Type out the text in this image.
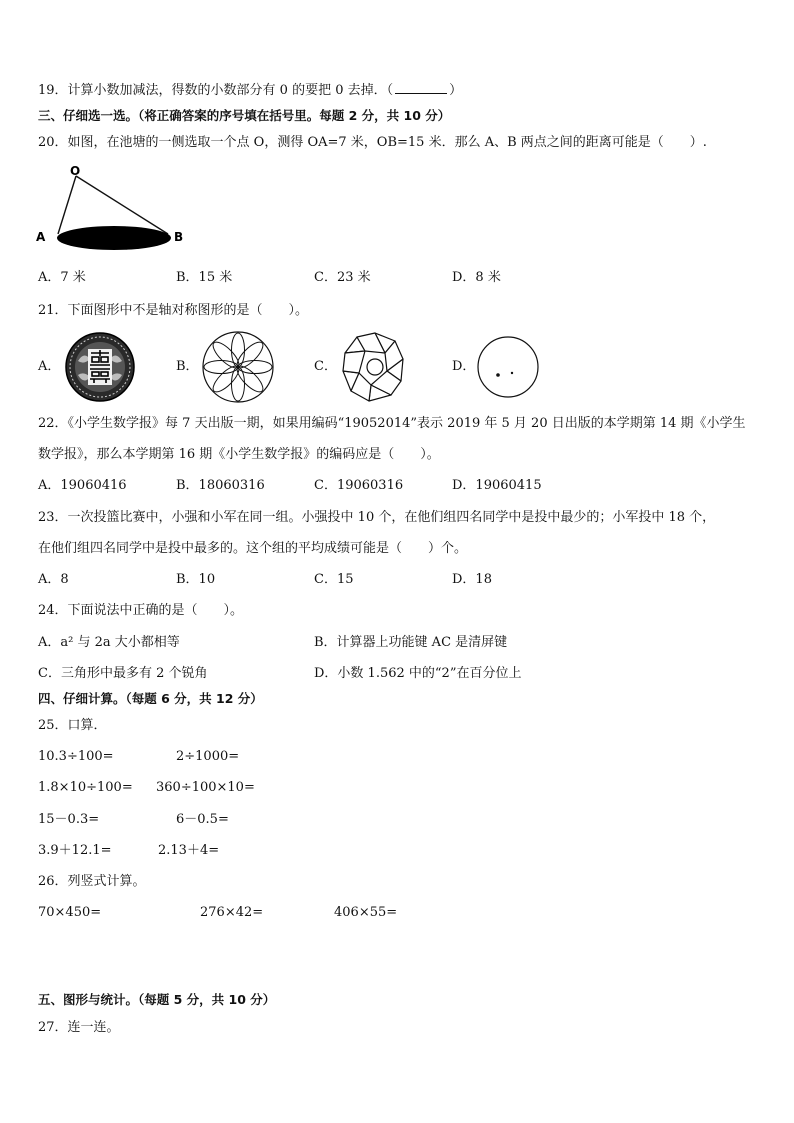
19．计算小数加减法，得数的小数部分有 0 的要把 0 去掉．（	）
三、仔细选一选。（将正确答案的序号填在括号里。每题 2 分，共 10 分）
20．如图，在池塘的一侧选取一个点 O，测得 OA=7 米，OB=15 米．那么 A、B 两点之间的距离可能是（　　）.
O
A	B
A．7 米	B．15 米	C．23 米	D．8 米
21．下面图形中不是轴对称图形的是（　　）。
A．	B．	C．	D．
22．《小学生数学报》每 7 天出版一期，如果用编码“19052014”表示 2019 年 5 月 20 日出版的本学期第 14 期《小学生
数学报》，那么本学期第 16 期《小学生数学报》的编码应是（　　）。
A．19060416	B．18060316	C．19060316	D．19060415
23．一次投篮比赛中，小强和小军在同一组。小强投中 10 个，在他们组四名同学中是投中最少的；小军投中 18 个，
在他们组四名同学中是投中最多的。这个组的平均成绩可能是（　　）个。
A．8	B．10	C．15	D．18
24．下面说法中正确的是（　　）。
A．a² 与 2a 大小都相等	B．计算器上功能键 AC 是清屏键
C．三角形中最多有 2 个锐角	D．小数 1.562 中的“2”在百分位上
四、仔细计算。（每题 6 分，共 12 分）
25．口算．
10.3÷100=	2÷1000=
1.8×10÷100= 360÷100×10=
15－0.3=	6－0.5=
3.9＋12.1=	2.13＋4=
26．列竖式计算。
70×450=	276×42=	406×55=
五、图形与统计。（每题 5 分，共 10 分）
27．连一连。
